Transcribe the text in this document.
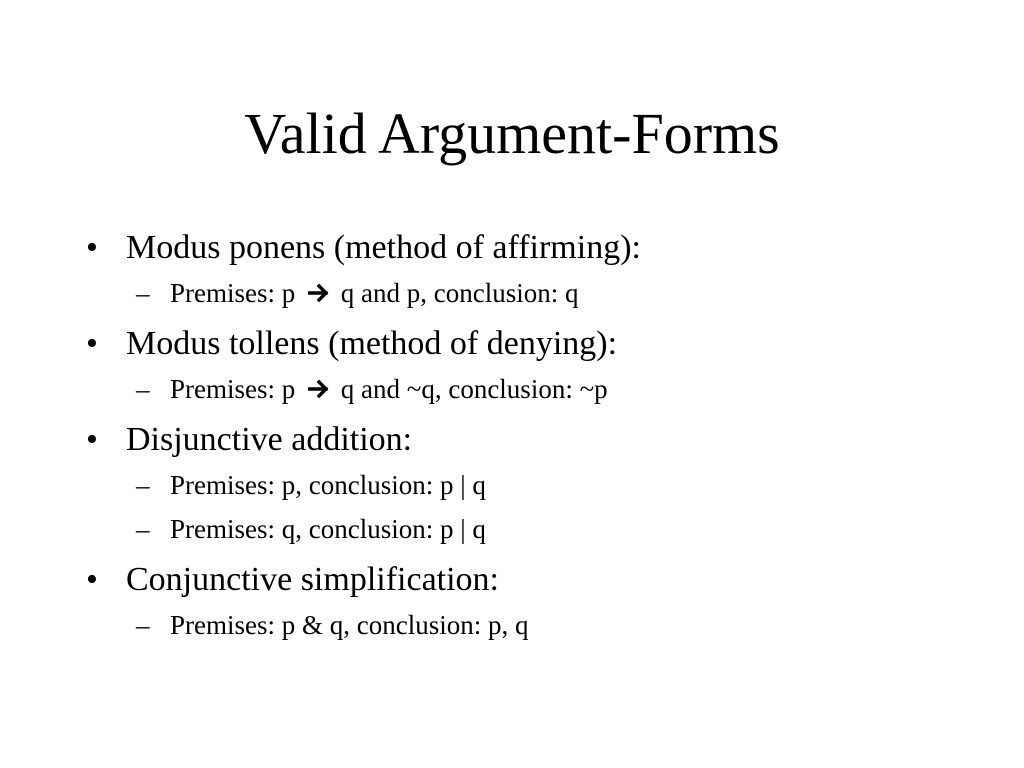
Valid Argument-Forms
• Modus ponens (method of affirming):
– Premises: p q and p, conclusion: q
• Modus tollens (method of denying):
– Premises: p q and ~q, conclusion: ~p
• Disjunctive addition:
– Premises: p, conclusion: p | q
– Premises: q, conclusion: p | q
• Conjunctive simplification:
– Premises: p & q, conclusion: p, q
